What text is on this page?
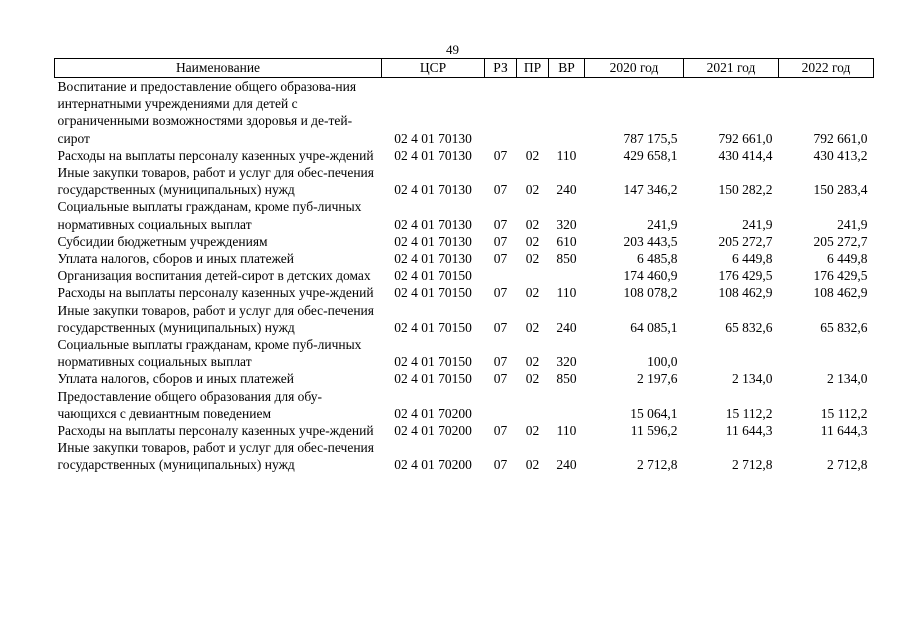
49
Наименование	ЦСР	РЗ	ПР	ВР	2020 год	2021 год	2022 год
Воспитание и предоставление общего образова-ния интернатными учреждениями для детей с ограниченными возможностями здоровья и де-тей-сирот	02 4 01 70130				787 175,5	792 661,0	792 661,0
Расходы на выплаты персоналу казенных учре-ждений	02 4 01 70130	07	02	110	429 658,1	430 414,4	430 413,2
Иные закупки товаров, работ и услуг для обес-печения государственных (муниципальных) нужд	02 4 01 70130	07	02	240	147 346,2	150 282,2	150 283,4
Социальные выплаты гражданам, кроме пуб-личных нормативных социальных выплат	02 4 01 70130	07	02	320	241,9	241,9	241,9
Субсидии бюджетным учреждениям	02 4 01 70130	07	02	610	203 443,5	205 272,7	205 272,7
Уплата налогов, сборов и иных платежей	02 4 01 70130	07	02	850	6 485,8	6 449,8	6 449,8
Организация воспитания детей-сирот в детских домах	02 4 01 70150				174 460,9	176 429,5	176 429,5
Расходы на выплаты персоналу казенных учре-ждений	02 4 01 70150	07	02	110	108 078,2	108 462,9	108 462,9
Иные закупки товаров, работ и услуг для обес-печения государственных (муниципальных) нужд	02 4 01 70150	07	02	240	64 085,1	65 832,6	65 832,6
Социальные выплаты гражданам, кроме пуб-личных нормативных социальных выплат	02 4 01 70150	07	02	320	100,0		
Уплата налогов, сборов и иных платежей	02 4 01 70150	07	02	850	2 197,6	2 134,0	2 134,0
Предоставление общего образования для обу-чающихся с девиантным поведением	02 4 01 70200				15 064,1	15 112,2	15 112,2
Расходы на выплаты персоналу казенных учре-ждений	02 4 01 70200	07	02	110	11 596,2	11 644,3	11 644,3
Иные закупки товаров, работ и услуг для обес-печения государственных (муниципальных) нужд	02 4 01 70200	07	02	240	2 712,8	2 712,8	2 712,8
